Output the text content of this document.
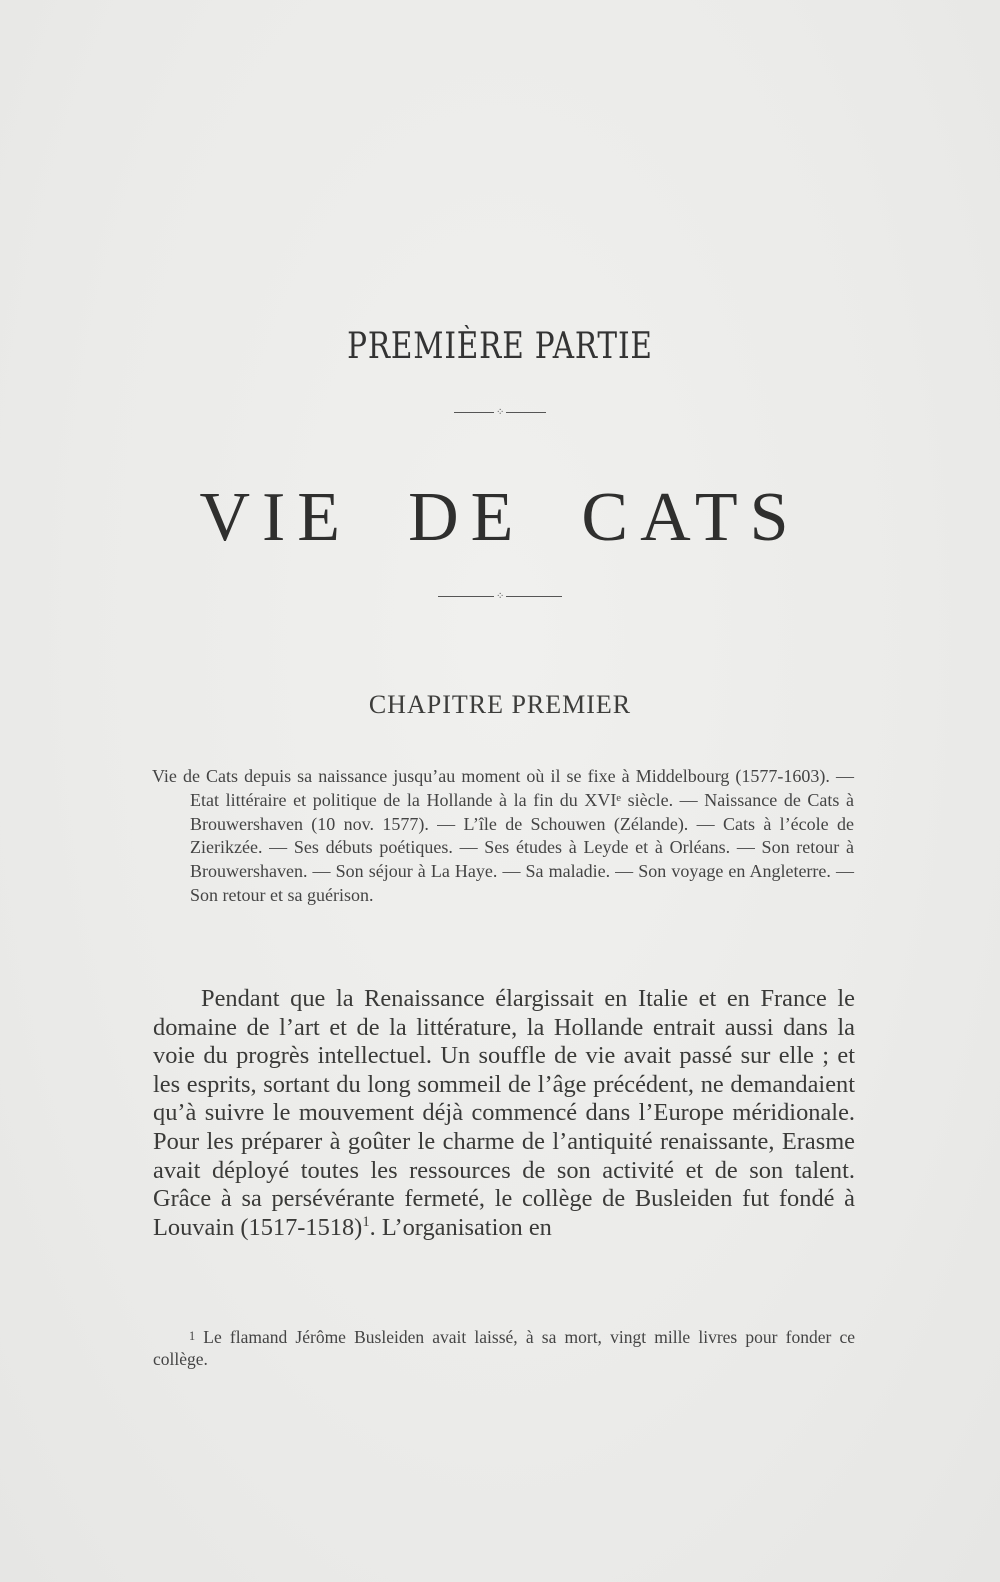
PREMIÈRE PARTIE
⁘
VIE DE CATS
⁘
CHAPITRE PREMIER
Vie de Cats depuis sa naissance jusqu’au moment où il se fixe à Middelbourg (1577-1603). — Etat littéraire et politique de la Hollande à la fin du XVIᵉ siècle. — Naissance de Cats à Brouwershaven (10 nov. 1577). — L’île de Schouwen (Zélande). — Cats à l’école de Zierikzée. — Ses débuts poétiques. — Ses études à Leyde et à Orléans. — Son retour à Brouwershaven. — Son séjour à La Haye. — Sa maladie. — Son voyage en Angleterre. — Son retour et sa guérison.
Pendant que la Renaissance élargissait en Italie et en France le domaine de l’art et de la littérature, la Hollande entrait aussi dans la voie du progrès intellectuel. Un souffle de vie avait passé sur elle ; et les esprits, sortant du long sommeil de l’âge précédent, ne demandaient qu’à suivre le mouvement déjà commencé dans l’Europe méridionale. Pour les préparer à goûter le charme de l’antiquité renaissante, Erasme avait déployé toutes les ressources de son activité et de son talent. Grâce à sa persévérante fermeté, le collège de Busleiden fut fondé à Louvain (1517-1518)$^1$. L’organisation en
$^1$ Le flamand Jérôme Busleiden avait laissé, à sa mort, vingt mille livres pour fonder ce collège.
